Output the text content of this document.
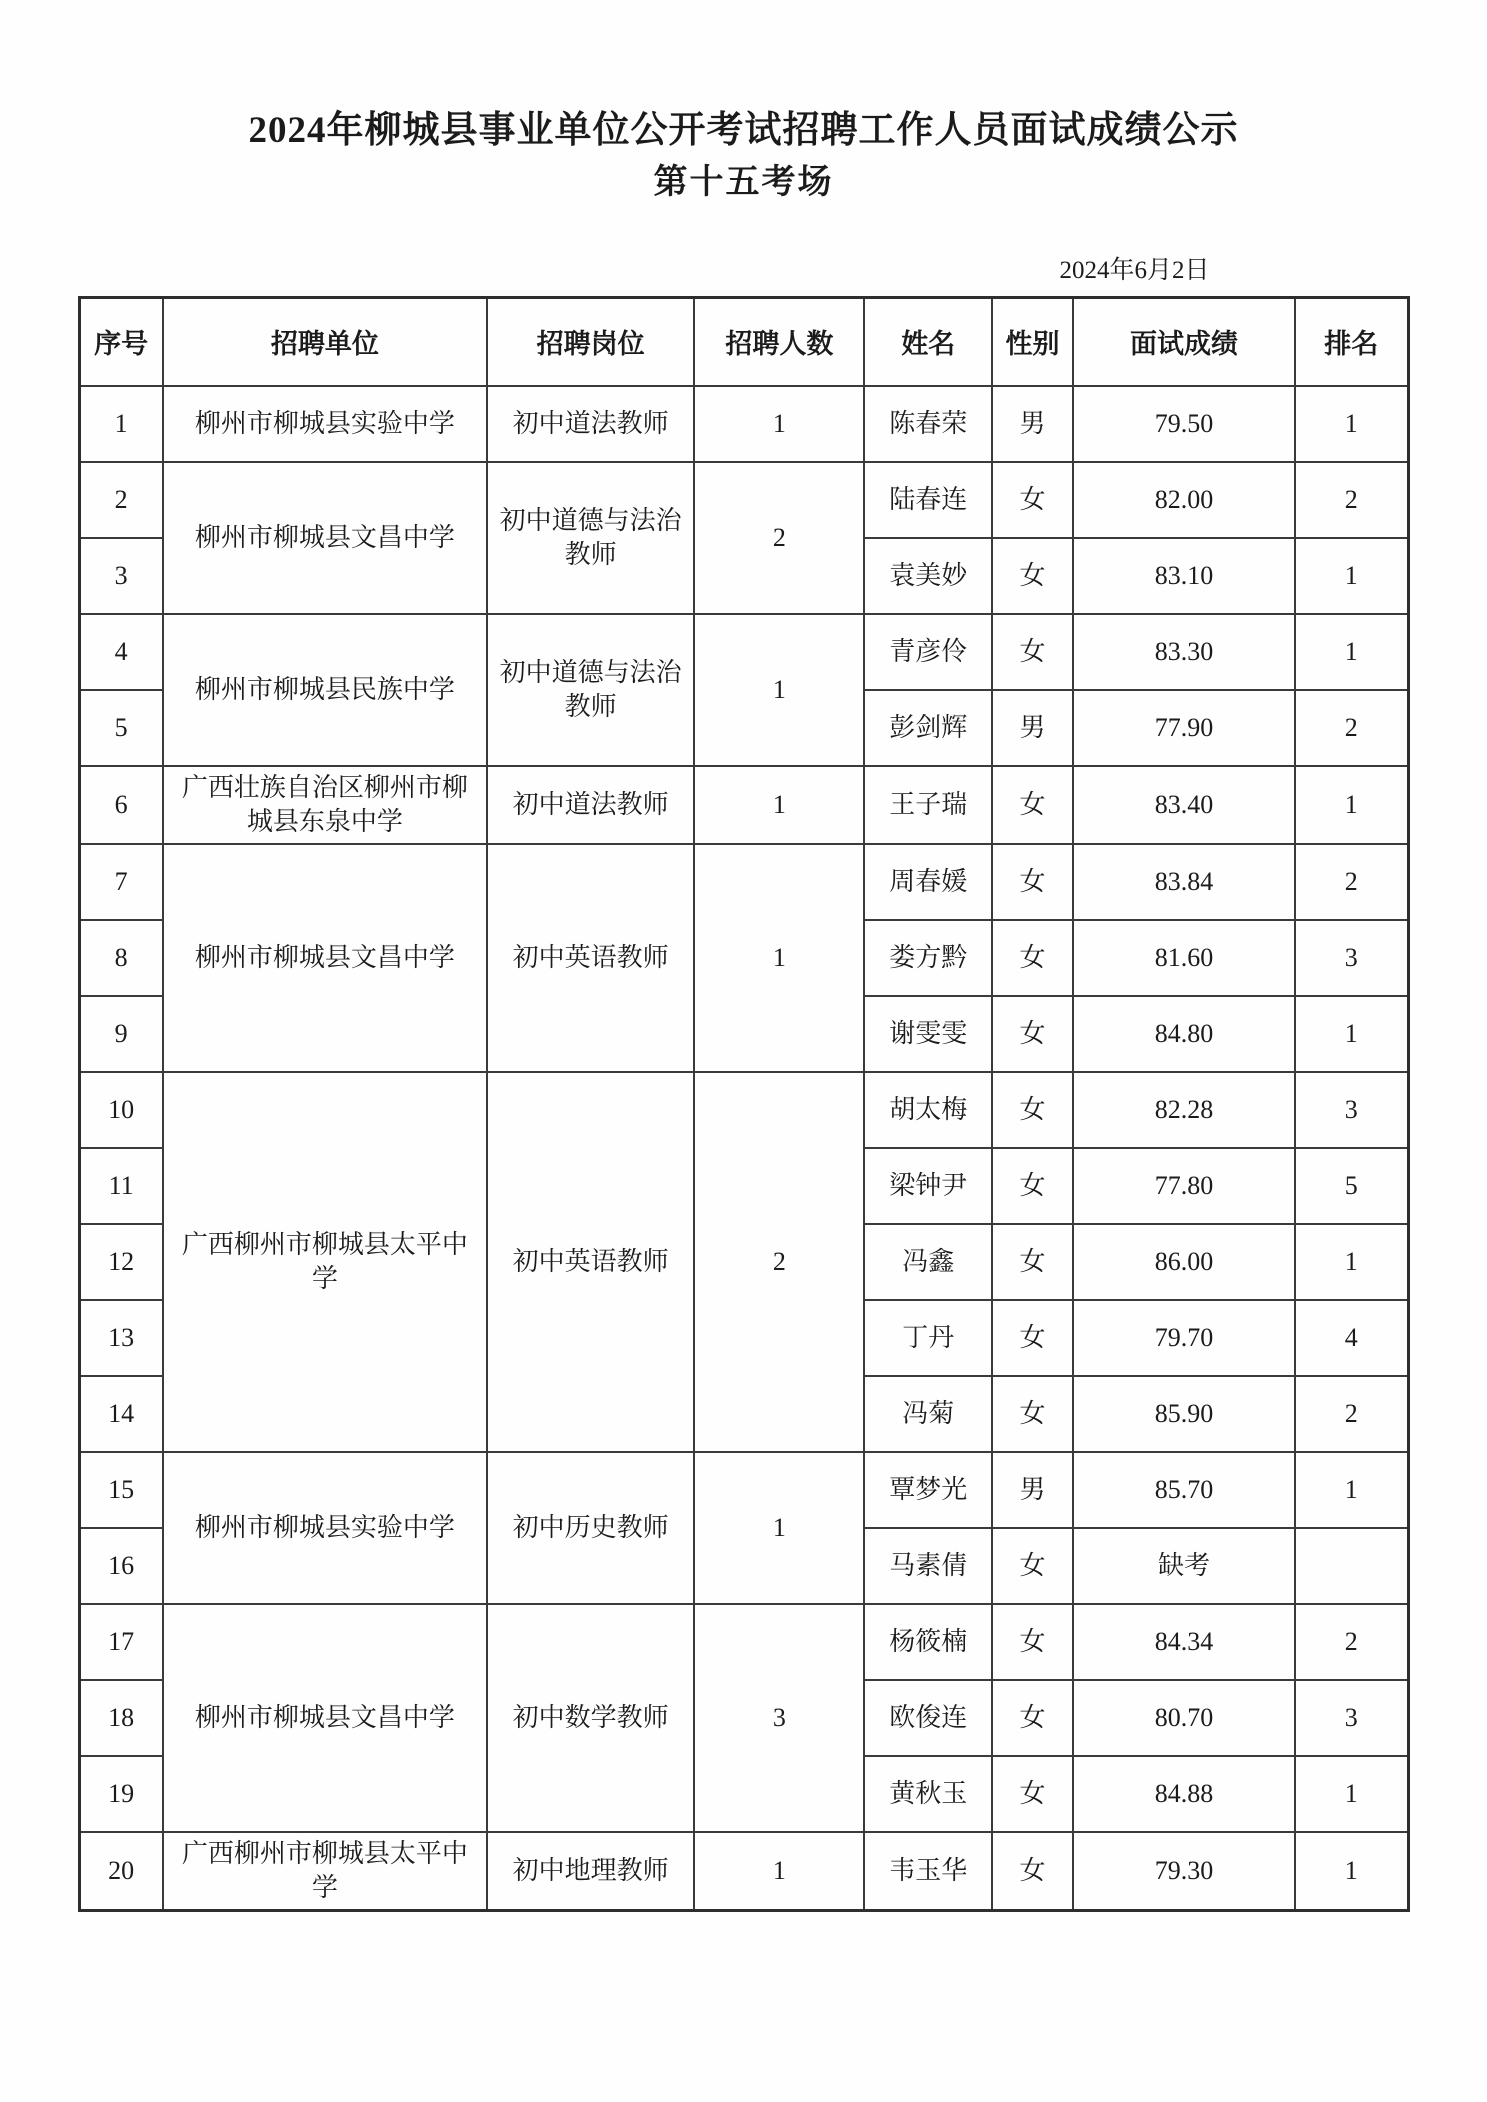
2024年柳城县事业单位公开考试招聘工作人员面试成绩公示
第十五考场
2024年6月2日
序号	招聘单位	招聘岗位	招聘人数	姓名	性别	面试成绩	排名
1	柳州市柳城县实验中学	初中道法教师	1	陈春荣	男	79.50	1
2	柳州市柳城县文昌中学	初中道德与法治教师	2	陆春连	女	82.00	2
3				袁美妙	女	83.10	1
4	柳州市柳城县民族中学	初中道德与法治教师	1	青彦伶	女	83.30	1
5				彭剑辉	男	77.90	2
6	广西壮族自治区柳州市柳城县东泉中学	初中道法教师	1	王子瑞	女	83.40	1
7	柳州市柳城县文昌中学	初中英语教师	1	周春媛	女	83.84	2
8				娄方黔	女	81.60	3
9				谢雯雯	女	84.80	1
10	广西柳州市柳城县太平中学	初中英语教师	2	胡太梅	女	82.28	3
11				梁钟尹	女	77.80	5
12				冯鑫	女	86.00	1
13				丁丹	女	79.70	4
14				冯菊	女	85.90	2
15	柳州市柳城县实验中学	初中历史教师	1	覃梦光	男	85.70	1
16				马素倩	女	缺考	
17	柳州市柳城县文昌中学	初中数学教师	3	杨筱楠	女	84.34	2
18				欧俊连	女	80.70	3
19				黄秋玉	女	84.88	1
20	广西柳州市柳城县太平中学	初中地理教师	1	韦玉华	女	79.30	1
